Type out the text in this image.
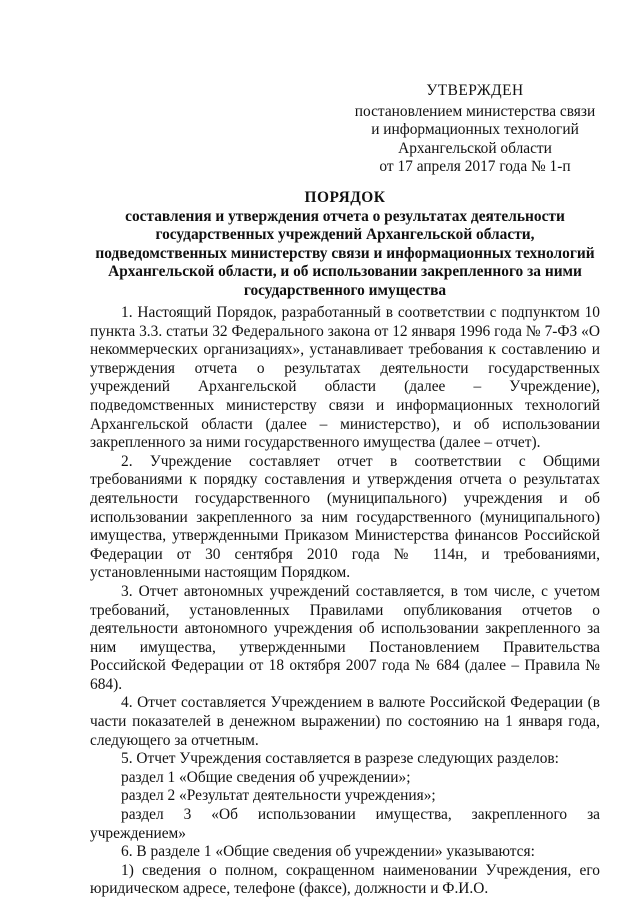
УТВЕРЖДЕН
постановлением министерства связи
и информационных технологий
Архангельской области
от 17 апреля 2017 года № 1-п
ПОРЯДОК
составления и утверждения отчета о результатах деятельности
государственных учреждений Архангельской области,
подведомственных министерству связи и информационных технологий
Архангельской области, и об использовании закрепленного за ними
государственного имущества

1. Настоящий Порядок, разработанный в соответствии с подпунктом 10 пункта 3.3. статьи 32 Федерального закона от 12 января 1996 года № 7-ФЗ «О некоммерческих организациях», устанавливает требования к составлению и утверждения отчета о результатах деятельности государственных учреждений Архангельской области (далее – Учреждение), подведомственных министерству связи и информационных технологий Архангельской области (далее – министерство), и об использовании закрепленного за ними государственного имущества (далее – отчет).

2. Учреждение составляет отчет в соответствии с Общими требованиями к порядку составления и утверждения отчета о результатах деятельности государственного (муниципального) учреждения и об использовании закрепленного за ним государственного (муниципального) имущества, утвержденными Приказом Министерства финансов Российской Федерации от 30 сентября 2010 года № 114н, и требованиями, установленными настоящим Порядком.

3. Отчет автономных учреждений составляется, в том числе, с учетом требований, установленных Правилами опубликования отчетов о деятельности автономного учреждения об использовании закрепленного за ним имущества, утвержденными Постановлением Правительства Российской Федерации от 18 октября 2007 года № 684 (далее – Правила № 684).

4. Отчет составляется Учреждением в валюте Российской Федерации (в части показателей в денежном выражении) по состоянию на 1 января года, следующего за отчетным.

5. Отчет Учреждения составляется в разрезе следующих разделов:

раздел 1 «Общие сведения об учреждении»;

раздел 2 «Результат деятельности учреждения»;

раздел 3 «Об использовании имущества, закрепленного за учреждением»

6. В разделе 1 «Общие сведения об учреждении» указываются:

1) сведения о полном, сокращенном наименовании Учреждения, его юридическом адресе, телефоне (факсе), должности и Ф.И.О.
